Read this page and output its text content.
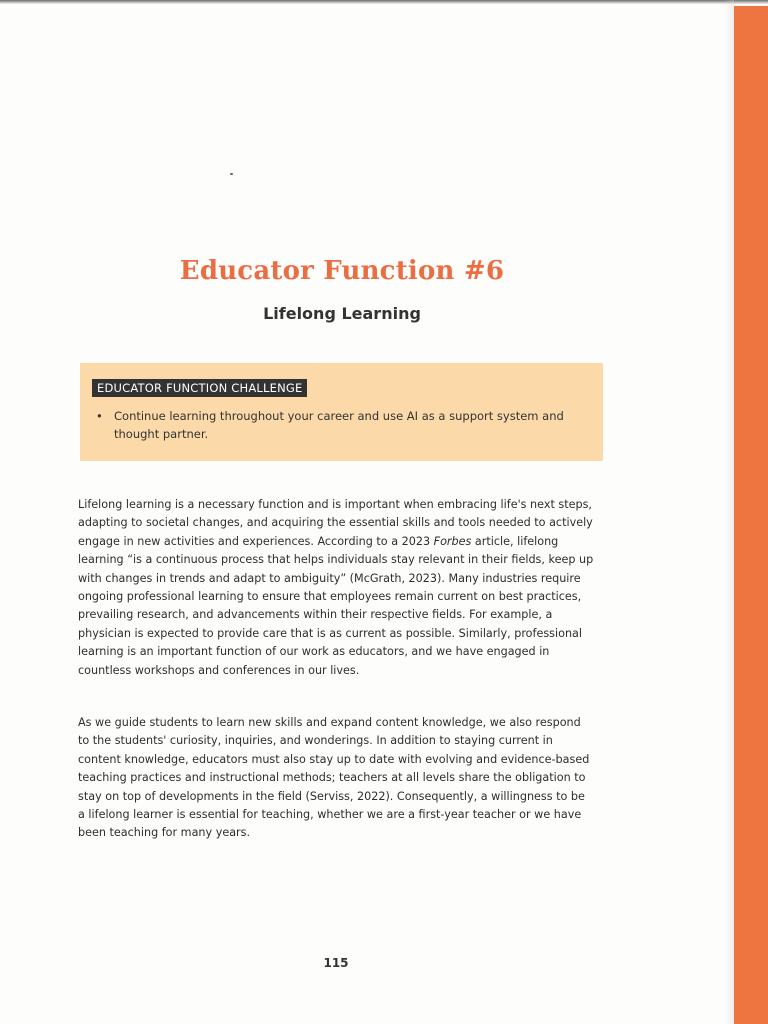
Educator Function #6
Lifelong Learning
EDUCATOR FUNCTION CHALLENGE
• Continue learning throughout your career and use AI as a support system and thought partner.

Lifelong learning is a necessary function and is important when embracing life's next steps, adapting to societal changes, and acquiring the essential skills and tools needed to actively engage in new activities and experiences. According to a 2023 Forbes article, lifelong learning “is a continuous process that helps individuals stay relevant in their fields, keep up with changes in trends and adapt to ambiguity” (McGrath, 2023). Many industries require ongoing professional learning to ensure that employees remain current on best practices, prevailing research, and advancements within their respective fields. For example, a physician is expected to provide care that is as current as possible. Similarly, professional learning is an important function of our work as educators, and we have engaged in countless workshops and conferences in our lives.

As we guide students to learn new skills and expand content knowledge, we also respond to the students' curiosity, inquiries, and wonderings. In addition to staying current in content knowledge, educators must also stay up to date with evolving and evidence-based teaching practices and instructional methods; teachers at all levels share the obligation to stay on top of developments in the field (Serviss, 2022). Consequently, a willingness to be a lifelong learner is essential for teaching, whether we are a first-year teacher or we have been teaching for many years.

115
